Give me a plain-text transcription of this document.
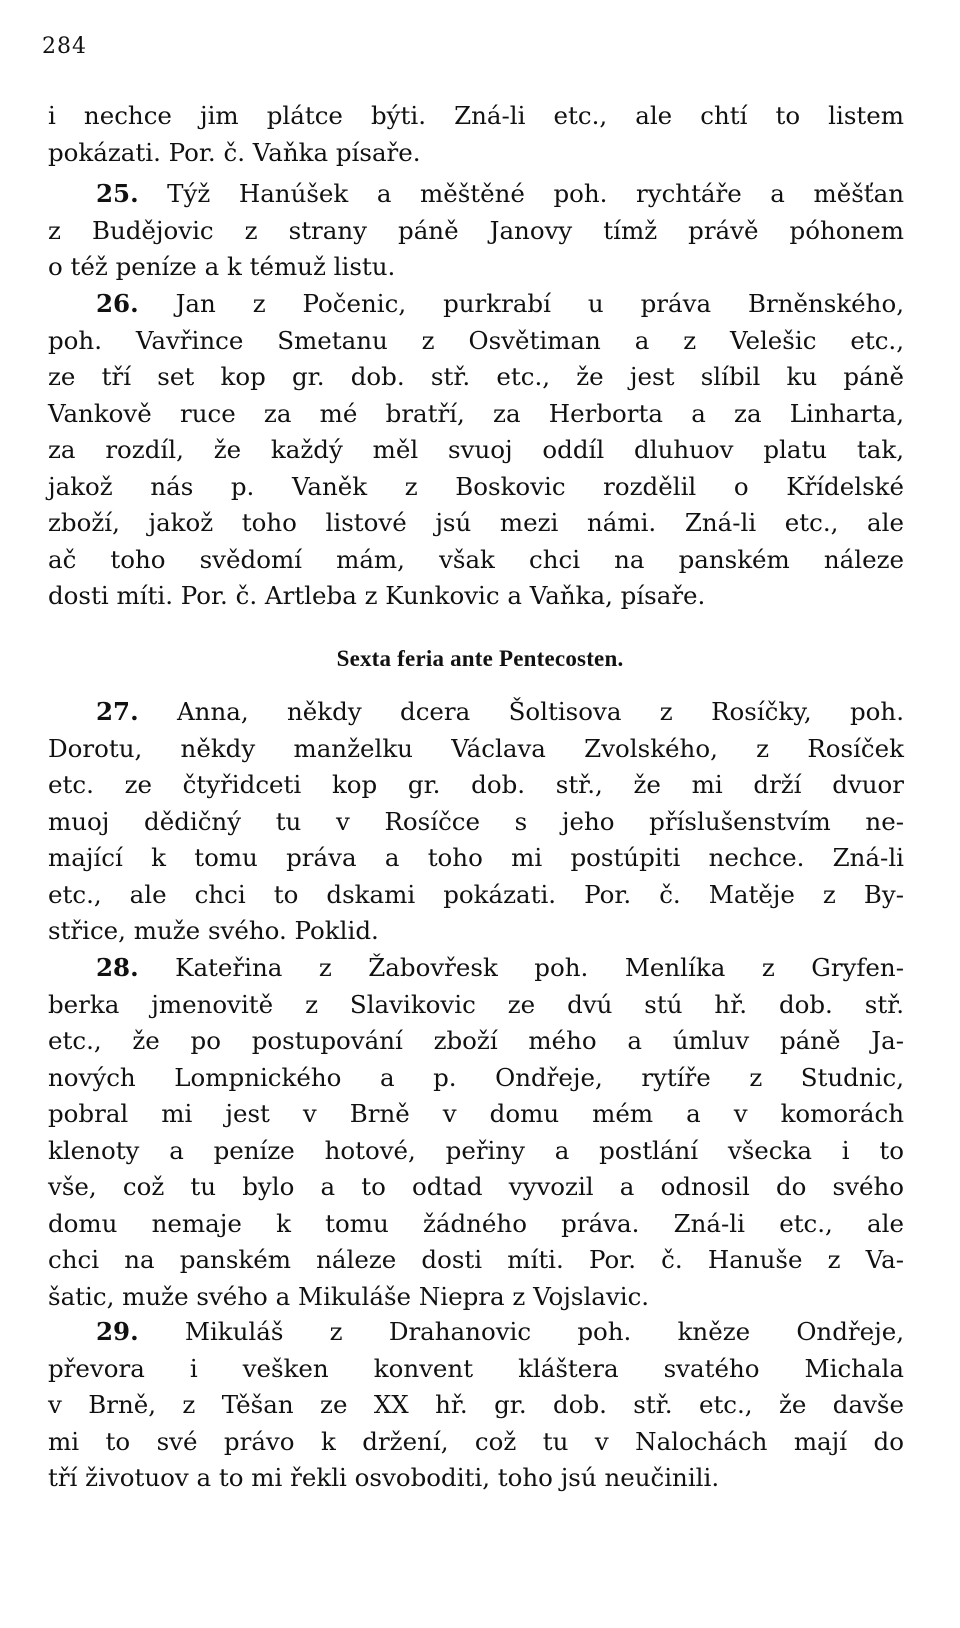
284
i nechce jim plátce býti. Zná-li etc., ale chtí to listem
pokázati. Por. č. Vaňka písaře.
25. Týž Hanúšek a měštěné poh. rychtáře a měšťan
z Budějovic z strany páně Janovy tímž právě póhonem
o též peníze a k témuž listu.
26. Jan z Počenic, purkrabí u práva Brněnského,
poh. Vavřince Smetanu z Osvětiman a z Velešic etc.,
ze tří set kop gr. dob. stř. etc., že jest slíbil ku páně
Vankově ruce za mé bratří, za Herborta a za Linharta,
za rozdíl, že každý měl svuoj oddíl dluhuov platu tak,
jakož nás p. Vaněk z Boskovic rozdělil o Křídelské
zboží, jakož toho listové jsú mezi námi. Zná-li etc., ale
ač toho svědomí mám, však chci na panském náleze
dosti míti. Por. č. Artleba z Kunkovic a Vaňka, písaře.
Sexta feria ante Pentecosten.
27. Anna, někdy dcera Šoltisova z Rosíčky, poh.
Dorotu, někdy manželku Václava Zvolského, z Rosíček
etc. ze čtyřidceti kop gr. dob. stř., že mi drží dvuor
muoj dědičný tu v Rosíčce s jeho příslušenstvím ne-
mající k tomu práva a toho mi postúpiti nechce. Zná-li
etc., ale chci to dskami pokázati. Por. č. Matěje z By-
střice, muže svého. Poklid.
28. Kateřina z Žabovřesk poh. Menlíka z Gryfen-
berka jmenovitě z Slavikovic ze dvú stú hř. dob. stř.
etc., že po postupování zboží mého a úmluv páně Ja-
nových Lompnického a p. Ondřeje, rytíře z Studnic,
pobral mi jest v Brně v domu mém a v komorách
klenoty a peníze hotové, peřiny a postlání všecka i to
vše, což tu bylo a to odtad vyvozil a odnosil do svého
domu nemaje k tomu žádného práva. Zná-li etc., ale
chci na panském náleze dosti míti. Por. č. Hanuše z Va-
šatic, muže svého a Mikuláše Niepra z Vojslavic.
29. Mikuláš z Drahanovic poh. kněze Ondřeje,
převora i vešken konvent kláštera svatého Michala
v Brně, z Těšan ze XX hř. gr. dob. stř. etc., že davše
mi to své právo k držení, což tu v Nalochách mají do
tří životuov a to mi řekli osvoboditi, toho jsú neučinili.
